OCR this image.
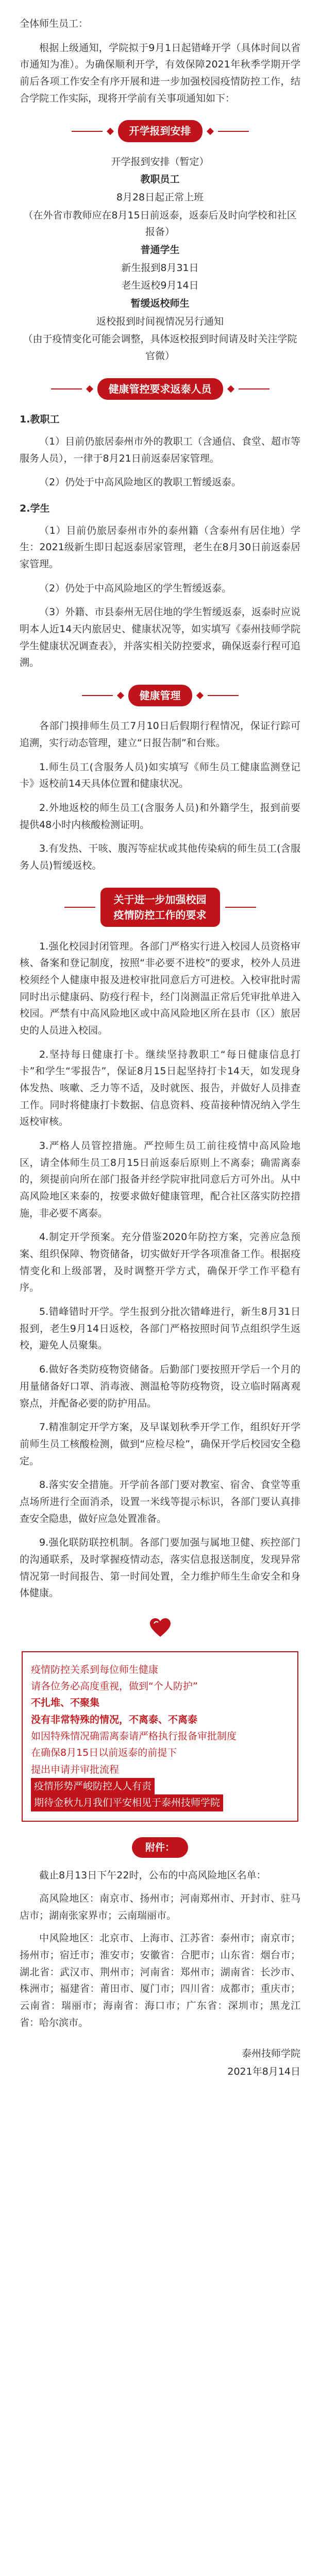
全体师生员工：

根据上级通知，学院拟于9月1日起错峰开学（具体时间以省市通知为准）。为确保顺利开学，有效保障2021年秋季学期开学前后各项工作安全有序开展和进一步加强校园疫情防控工作，结合学院工作实际，现将开学前有关事项通知如下：

开学报到安排

开学报到安排（暂定）

教职员工

8月28日起正常上班

（在外省市教师应在8月15日前返泰，返泰后及时向学校和社区报备）

普通学生

新生报到8月31日

老生返校9月14日

暂缓返校师生

返校报到时间视情况另行通知

（由于疫情变化可能会调整，具体返校报到时间请及时关注学院官微）

健康管控要求返泰人员

1.教职工

（1）目前仍旅居泰州市外的教职工（含通信、食堂、超市等服务人员），一律于8月21日前返泰居家管理。

（2）仍处于中高风险地区的教职工暂缓返泰。

2.学生

（1）目前仍旅居泰州市外的泰州籍（含泰州有居住地）学生：2021级新生即日起返泰居家管理，老生在8月30日前返泰居家管理。

（2）仍处于中高风险地区的学生暂缓返泰。

（3）外籍、市县泰州无居住地的学生暂缓返泰，返泰时应说明本人近14天内旅居史、健康状况等，如实填写《泰州技师学院学生健康状况调查表》，并落实相关防控要求，确保返泰行程可追溯。

健康管理

各部门摸排师生员工7月10日后假期行程情况，保证行踪可追溯，实行动态管理，建立“日报告制”和台账。

1.师生员工(含服务人员)如实填写《师生员工健康监测登记卡》返校前14天具体位置和健康状况。

2.外地返校的师生员工(含服务人员)和外籍学生，报到前要提供48小时内核酸检测证明。

3.有发热、干咳、腹泻等症状或其他传染病的师生员工(含服务人员)暂缓返校。

关于进一步加强校园
疫情防控工作的要求

1.强化校园封闭管理。各部门严格实行进入校园人员资格审核、备案和登记制度，按照“非必要不进校”的要求，校外人员进校须经个人健康申报及进校审批同意后方可进校。入校审批时需同时出示健康码、防疫行程卡，经门岗测温正常后凭审批单进入校园。严禁有中高风险地区或中高风险地区所在县市（区）旅居史的人员进入校园。

2.坚持每日健康打卡。继续坚持教职工“每日健康信息打卡”和学生“零报告”，保证8月15日起坚持打卡14天，如发现身体发热、咳嗽、乏力等不适，及时就医、报告，并做好人员排查工作。同时将健康打卡数据、信息资料、疫苗接种情况纳入学生返校审核。

3.严格人员管控措施。严控师生员工前往疫情中高风险地区，请全体师生员工8月15日前返泰后原则上不离泰；确需离泰的，须提前向所在部门报备并经学院审批同意后方可外出。从中高风险地区来泰的，按要求做好健康管理，配合社区落实防控措施，非必要不离泰。

4.制定开学预案。充分借鉴2020年防控方案，完善应急预案、组织保障、物资储备，切实做好开学各项准备工作。根据疫情变化和上级部署，及时调整开学方式，确保开学工作平稳有序。

5.错峰错时开学。学生报到分批次错峰进行，新生8月31日报到，老生9月14日返校，各部门严格按照时间节点组织学生返校，避免人员聚集。

6.做好各类防疫物资储备。后勤部门要按照开学后一个月的用量储备好口罩、消毒液、测温枪等防疫物资，设立临时隔离观察点，并配备必要的防护用品。

7.精准制定开学方案，及早谋划秋季开学工作，组织好开学前师生员工核酸检测，做到“应检尽检”，确保开学后校园安全稳定。

8.落实安全措施。开学前各部门要对教室、宿舍、食堂等重点场所进行全面消杀，设置一米线等提示标识，各部门要认真排查安全隐患，做好应急处置准备。

9.强化联防联控机制。各部门要加强与属地卫健、疾控部门的沟通联系，及时掌握疫情动态，落实信息报送制度，发现异常情况第一时间报告、第一时间处置，全力维护师生生命安全和身体健康。

疫情防控关系到每位师生健康

请各位务必高度重视，做到“个人防护”

不扎堆、不聚集

没有非常特殊的情况，不离泰、不离泰

如因特殊情况确需离泰请严格执行报备审批制度

在确保8月15日以前返泰的前提下

提出申请并审批流程

疫情形势严峻防控人人有责

期待金秋九月我们平安相见于泰州技师学院

附件：

截止8月13日下午22时，公布的中高风险地区名单：

高风险地区：南京市、扬州市；河南郑州市、开封市、驻马店市；湖南张家界市；云南瑞丽市。

中风险地区：北京市、上海市、江苏省：泰州市；南京市；扬州市；宿迁市；淮安市；安徽省：合肥市；山东省：烟台市；湖北省：武汉市、荆州市；河南省：郑州市；湖南省：长沙市、株洲市；福建省：莆田市、厦门市；四川省：成都市；重庆市；云南省：瑞丽市；海南省：海口市；广东省：深圳市；黑龙江省：哈尔滨市。

泰州技师学院

2021年8月14日
